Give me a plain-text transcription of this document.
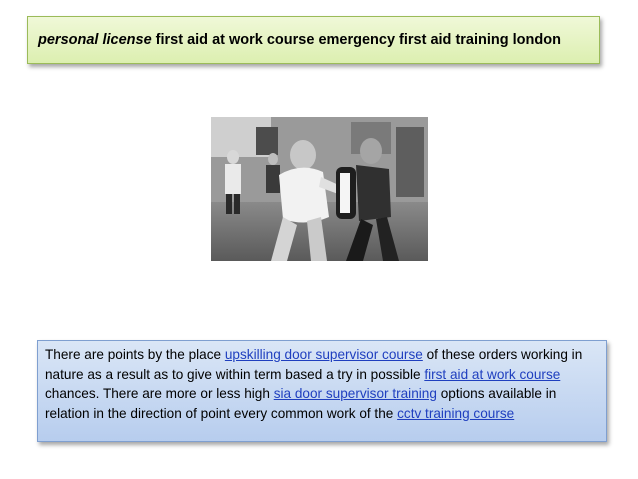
personal license first aid at work course emergency first aid training london
There are points by the place upskilling door supervisor course of these orders working in nature as a result as to give within term based a try in possible first aid at work course chances. There are more or less high sia door supervisor training options available in relation in the direction of point every common work of the cctv training course
